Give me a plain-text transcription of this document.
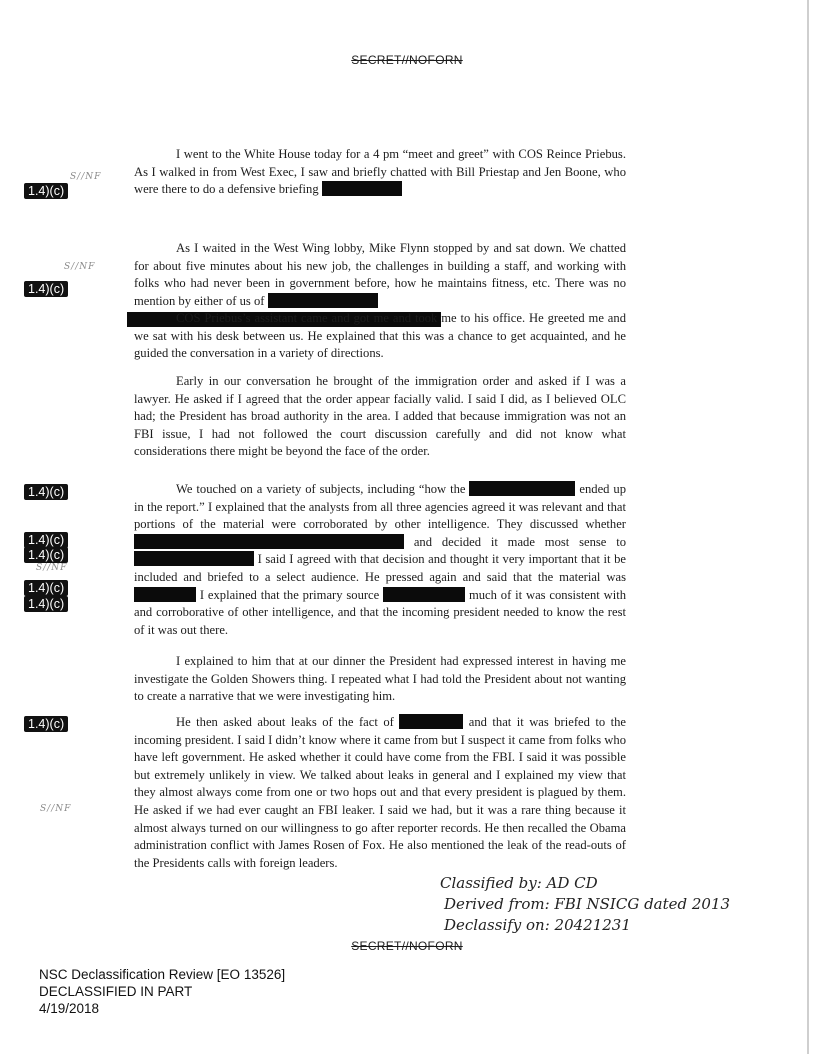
SECRET//NOFORN
I went to the White House today for a 4 pm “meet and greet” with COS Reince Priebus. As I walked in from West Exec, I saw and briefly chatted with Bill Priestap and Jen Boone, who were there to do a defensive briefing
As I waited in the West Wing lobby, Mike Flynn stopped by and sat down. We chatted for about five minutes about his new job, the challenges in building a staff, and working with folks who had never been in government before, how he maintains fitness, etc. There was no mention by either of us of
COS Priebus’s assistant came and got me and took me to his office. He greeted me and we sat with his desk between us. He explained that this was a chance to get acquainted, and he guided the conversation in a variety of directions.
Early in our conversation he brought of the immigration order and asked if I was a lawyer. He asked if I agreed that the order appear facially valid. I said I did, as I believed OLC had; the President has broad authority in the area. I added that because immigration was not an FBI issue, I had not followed the court discussion carefully and did not know what considerations there might be beyond the face of the order.
We touched on a variety of subjects, including “how the	ended up in the report.” I explained that the analysts from all three agencies agreed it was relevant and that portions of the material were corroborated by other intelligence. They discussed whether  and decided it made most sense to  I said I agreed with that decision and thought it very important that it be included and briefed to a select audience. He pressed again and said that the material was  I explained that the primary source	much of it was consistent with and corroborative of other intelligence, and that the incoming president needed to know the rest of it was out there.
I explained to him that at our dinner the President had expressed interest in having me investigate the Golden Showers thing. I repeated what I had told the President about not wanting to create a narrative that we were investigating him.
He then asked about leaks of the fact of	and that it was briefed to the incoming president. I said I didn’t know where it came from but I suspect it came from folks who have left government. He asked whether it could have come from the FBI. I said it was possible but extremely unlikely in view. We talked about leaks in general and I explained my view that they almost always come from one or two hops out and that every president is plagued by them. He asked if we had ever caught an FBI leaker. I said we had, but it was a rare thing because it almost always turned on our willingness to go after reporter records. He then recalled the Obama administration conflict with James Rosen of Fox. He also mentioned the leak of the read-outs of the Presidents calls with foreign leaders.
1.4)(c)
1.4)(c)
1.4)(c)
1.4)(c)
1.4)(c)
1.4)(c)
1.4)(c)
1.4)(c)
S//NF
S//NF
S//NF
S//NF
Classified by: AD CD
Derived from: FBI NSICG dated 2013
Declassify on: 20421231
SECRET//NOFORN
NSC Declassification Review [EO 13526]
DECLASSIFIED IN PART
4/19/2018
